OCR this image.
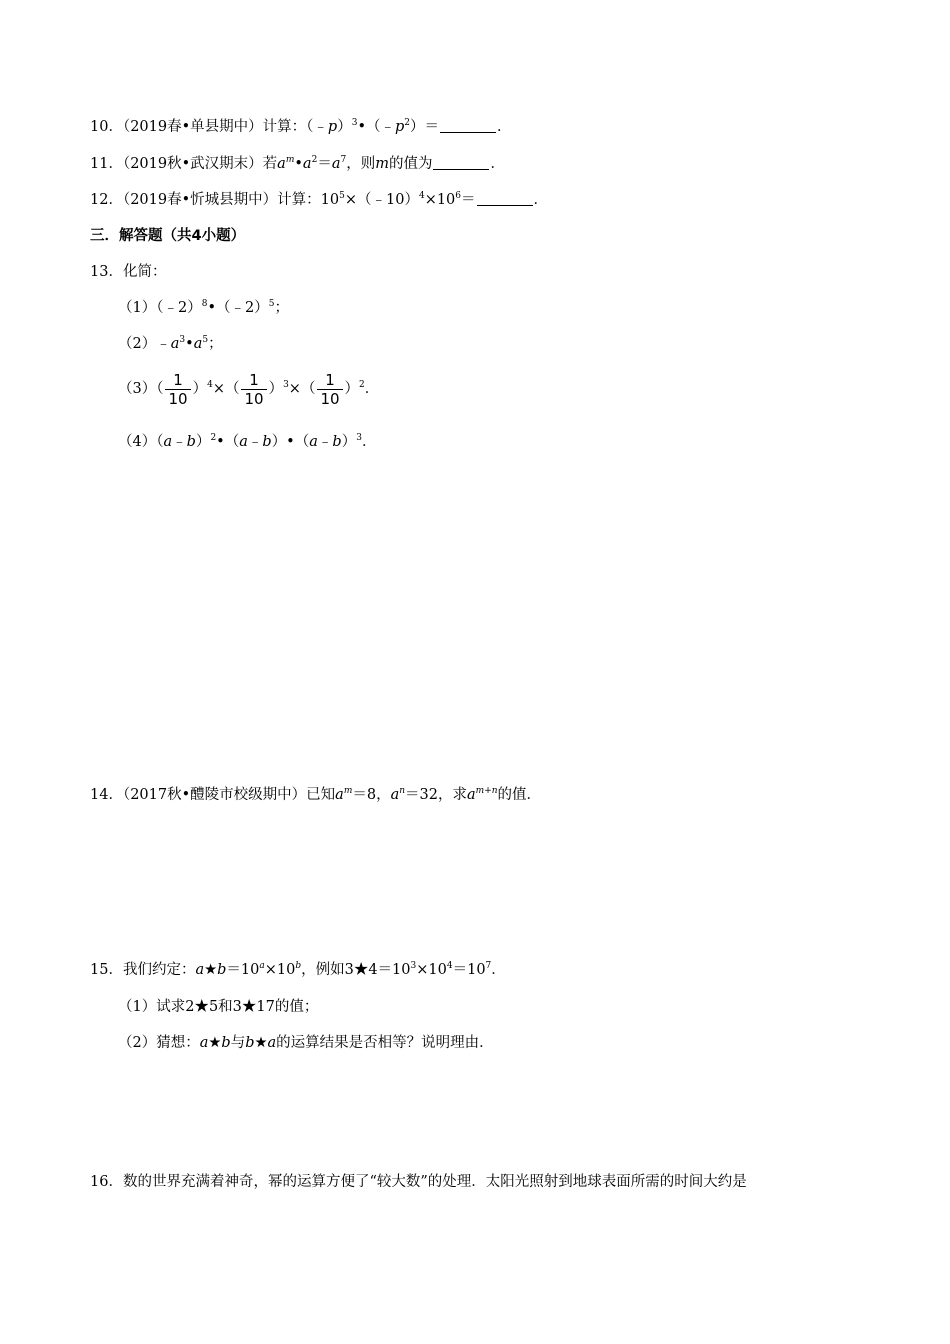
10．（2019春•单县期中）计算：$(﹣p)^3•(﹣p^2)=$	．
11．（2019秋•武汉期末）若$a^m•a^2=a^7$，则m的值为	．
12．（2019春•忻城县期中）计算：$10^5\times(﹣10)^4\times 10^6=$	．
三．解答题（共4小题）
13．化简：
（1）（﹣2）$^8$•（﹣2）$^5$；
$(2)﹣a^3•a^5$；
$(3)( \frac{1}{10} )^4\times( \frac{1}{10} )^3\times( \frac{1}{10} )^2$．
（4）（a﹣b）$^2$•（a﹣b）•（a﹣b）$^3$．
14．（2017秋•醴陵市校级期中）已知$a^m=8$，$a^n=32$，求$a^{m+n}$的值．
15．我们约定：$a★b=10^a\times 10^b$，例如$3★4=10^3\times 10^4=10^7$．
（1）试求2★5和3★17的值；
（2）猜想：a★b与b★a的运算结果是否相等？说明理由．
16．数的世界充满着神奇，幂的运算方便了“较大数”的处理．太阳光照射到地球表面所需的时间大约是
